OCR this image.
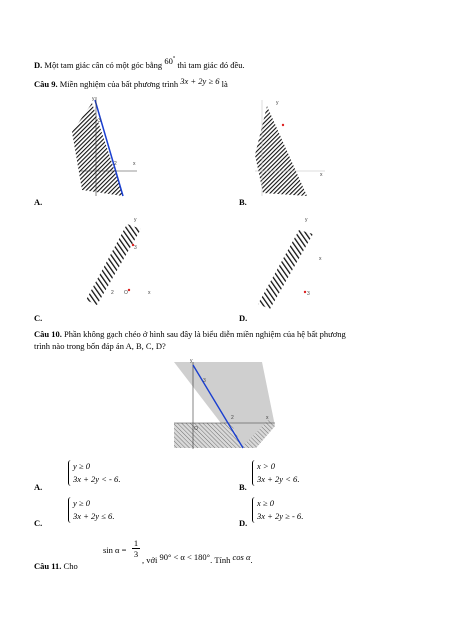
D. Một tam giác cân có một góc bằng 60° thì tam giác đó đều.
Câu 9. Miền nghiệm của bất phương trình 3x + 2y ≥ 6 là
y
3
2	x
y
x
y
3
2 O	x
y
x
3
A.	B.
C.	D.
Câu 10. Phần không gạch chéo ở hình sau đây là biểu diễn miền nghiệm của hệ bất phương
trình nào trong bốn đáp án A, B, C, D?
y
3
2	x
O
A.
y ≥ 0
3x + 2y < - 6.
B.
x > 0
3x + 2y < 6.
C.
y ≥ 0
3x + 2y ≤ 6.
D.
x ≥ 0
3x + 2y ≥ - 6.
Câu 11. Cho
sin α =
1
3
, với 90° < α < 180°. Tính cos α.
